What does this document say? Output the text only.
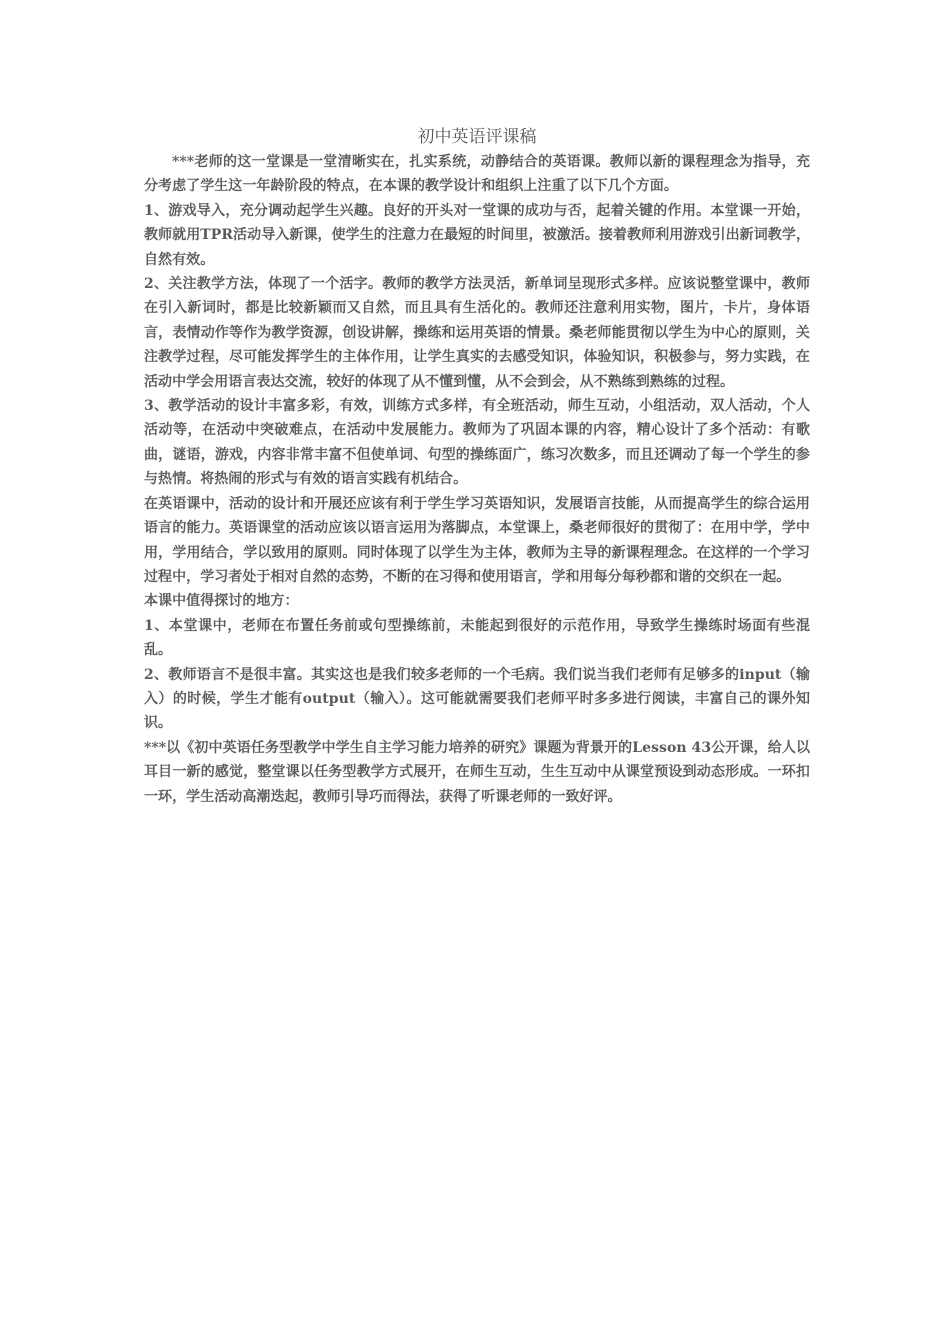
初中英语评课稿

***老师的这一堂课是一堂清晰实在，扎实系统，动静结合的英语课。教师以新的课程理念为指导，充分考虑了学生这一年龄阶段的特点，在本课的教学设计和组织上注重了以下几个方面。

1、游戏导入，充分调动起学生兴趣。良好的开头对一堂课的成功与否，起着关键的作用。本堂课一开始，教师就用TPR活动导入新课，使学生的注意力在最短的时间里，被激活。接着教师利用游戏引出新词教学，自然有效。

2、关注教学方法，体现了一个活字。教师的教学方法灵活，新单词呈现形式多样。应该说整堂课中，教师在引入新词时，都是比较新颖而又自然，而且具有生活化的。教师还注意利用实物，图片，卡片，身体语言，表情动作等作为教学资源，创设讲解，操练和运用英语的情景。桑老师能贯彻以学生为中心的原则，关注教学过程，尽可能发挥学生的主体作用，让学生真实的去感受知识，体验知识，积极参与，努力实践，在活动中学会用语言表达交流，较好的体现了从不懂到懂，从不会到会，从不熟练到熟练的过程。

3、教学活动的设计丰富多彩，有效，训练方式多样，有全班活动，师生互动，小组活动，双人活动，个人活动等，在活动中突破难点，在活动中发展能力。教师为了巩固本课的内容，精心设计了多个活动：有歌曲，谜语，游戏，内容非常丰富不但使单词、句型的操练面广，练习次数多，而且还调动了每一个学生的参与热情。将热闹的形式与有效的语言实践有机结合。

在英语课中，活动的设计和开展还应该有利于学生学习英语知识，发展语言技能，从而提高学生的综合运用语言的能力。英语课堂的活动应该以语言运用为落脚点，本堂课上，桑老师很好的贯彻了：在用中学，学中用，学用结合，学以致用的原则。同时体现了以学生为主体，教师为主导的新课程理念。在这样的一个学习过程中，学习者处于相对自然的态势，不断的在习得和使用语言，学和用每分每秒都和谐的交织在一起。

本课中值得探讨的地方：

1、本堂课中，老师在布置任务前或句型操练前，未能起到很好的示范作用，导致学生操练时场面有些混乱。

2、教师语言不是很丰富。其实这也是我们较多老师的一个毛病。我们说当我们老师有足够多的input（输入）的时候，学生才能有output（输入）。这可能就需要我们老师平时多多进行阅读，丰富自己的课外知识。

***以《初中英语任务型教学中学生自主学习能力培养的研究》课题为背景开的Lesson 43公开课，给人以耳目一新的感觉，整堂课以任务型教学方式展开，在师生互动，生生互动中从课堂预设到动态形成。一环扣一环，学生活动高潮迭起，教师引导巧而得法，获得了听课老师的一致好评。
